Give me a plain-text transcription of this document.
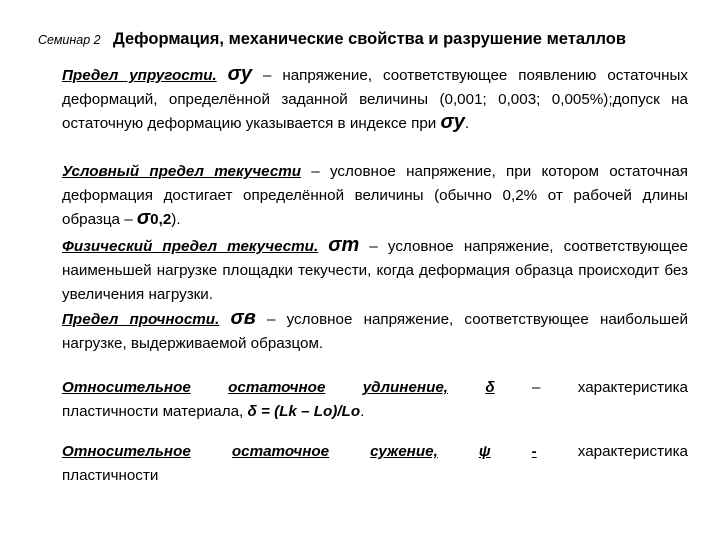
Семинар 2 Деформация, механические свойства и разрушение металлов
Предел упругости. σу – напряжение, соответствующее появлению остаточных деформаций, определённой заданной величины (0,001; 0,003; 0,005%);допуск на остаточную деформацию указывается в индексе при σу.
Условный предел текучести – условное напряжение, при котором остаточная деформация достигает определённой величины (обычно 0,2% от рабочей длины образца – σ0,2).
Физический предел текучести. σт – условное напряжение, соответствующее наименьшей нагрузке площадки текучести, когда деформация образца происходит без увеличения нагрузки.
Предел прочности. σв – условное напряжение, соответствующее наибольшей нагрузке, выдерживаемой образцом.
Относительное остаточное удлинение, δ – характеристика
пластичности материала, δ = (Lk – Lo)/Lo.
Относительное	остаточное	сужение,	ψ	-	характеристика
пластичности
